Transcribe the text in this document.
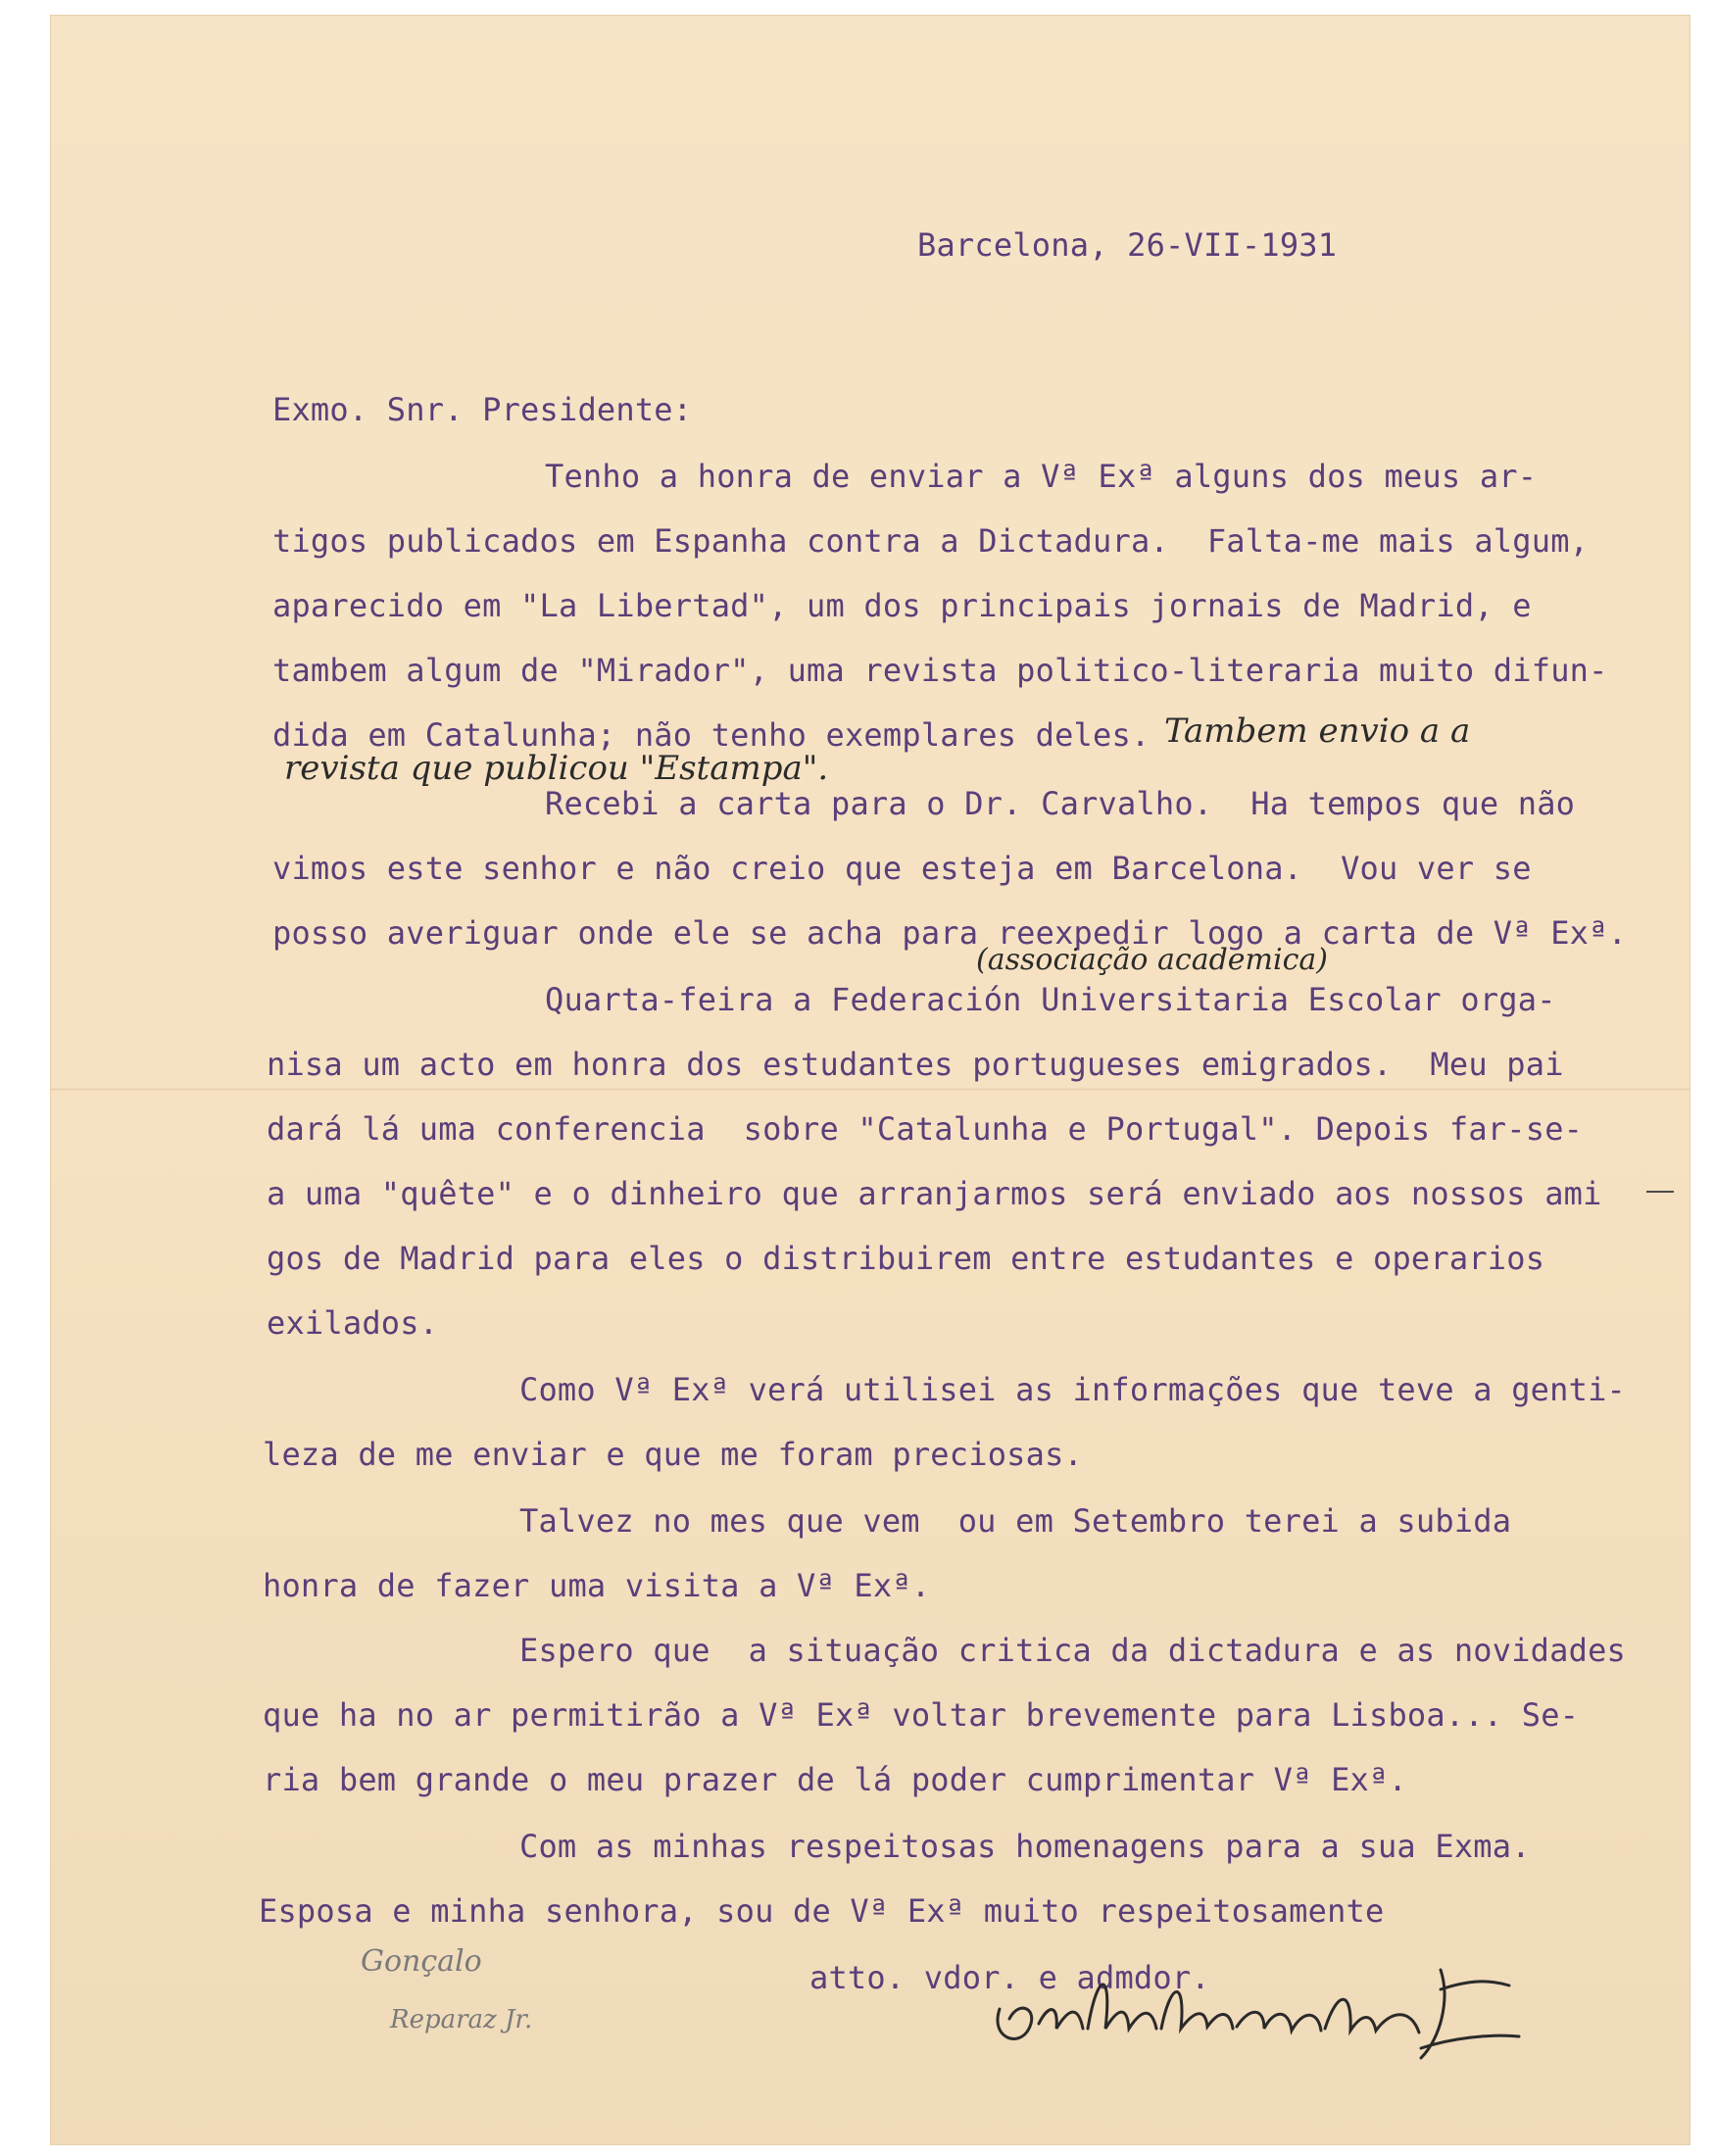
Barcelona, 26-VII-1931
Exmo. Snr. Presidente:
Tenho a honra de enviar a Vª Exª alguns dos meus ar-
tigos publicados em Espanha contra a Dictadura.  Falta-me mais algum,
aparecido em "La Libertad", um dos principais jornais de Madrid, e
tambem algum de "Mirador", uma revista politico-literaria muito difun-
dida em Catalunha; não tenho exemplares deles. Tambem envio a a
revista que publicou "Estampa".
Recebi a carta para o Dr. Carvalho.  Ha tempos que não
vimos este senhor e não creio que esteja em Barcelona.  Vou ver se
posso averiguar onde ele se acha para reexpedir logo a carta de Vª Exª.
(associação academica)
Quarta-feira a Federación Universitaria Escolar orga-
nisa um acto em honra dos estudantes portugueses emigrados.  Meu pai
dará lá uma conferencia  sobre "Catalunha e Portugal". Depois far-se-
a uma "quête" e o dinheiro que arranjarmos será enviado aos nossos ami
gos de Madrid para eles o distribuirem entre estudantes e operarios
exilados.
Como Vª Exª verá utilisei as informações que teve a genti-
leza de me enviar e que me foram preciosas.
Talvez no mes que vem  ou em Setembro terei a subida
honra de fazer uma visita a Vª Exª.
Espero que  a situação critica da dictadura e as novidades
que ha no ar permitirão a Vª Exª voltar brevemente para Lisboa... Se-
ria bem grande o meu prazer de lá poder cumprimentar Vª Exª.
Com as minhas respeitosas homenagens para a sua Exma.
Esposa e minha senhora, sou de Vª Exª muito respeitosamente
atto. vdor. e admdor.
Gonçalo
Reparaz Jr.
